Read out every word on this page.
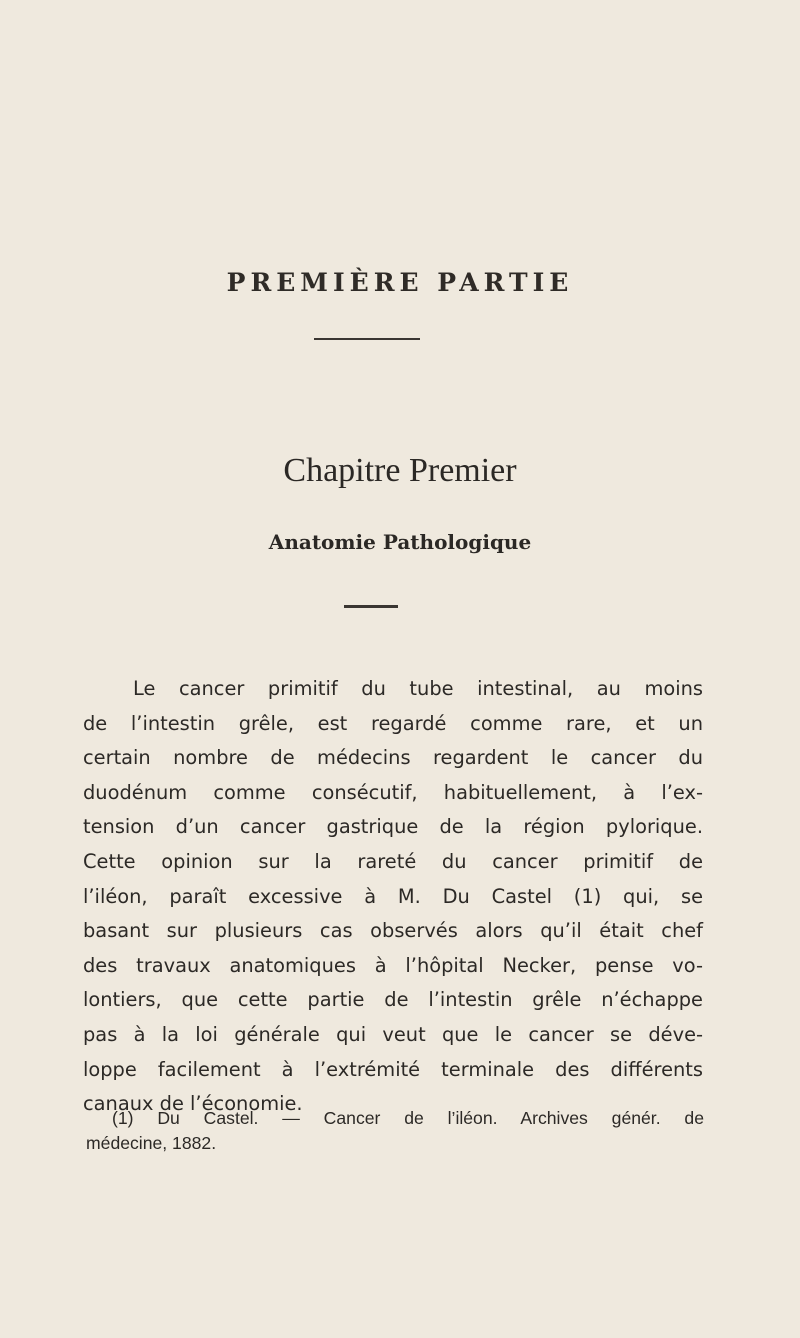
PREMIÈRE PARTIE
Chapitre Premier
Anatomie Pathologique
Le cancer primitif du tube intestinal, au moins
de l’intestin grêle, est regardé comme rare, et un
certain nombre de médecins regardent le cancer du
duodénum comme consécutif, habituellement, à l’ex-
tension d’un cancer gastrique de la région pylorique.
Cette opinion sur la rareté du cancer primitif de
l’iléon, paraît excessive à M. Du Castel (1) qui, se
basant sur plusieurs cas observés alors qu’il était chef
des travaux anatomiques à l’hôpital Necker, pense vo-
lontiers, que cette partie de l’intestin grêle n’échappe
pas à la loi générale qui veut que le cancer se déve-
loppe facilement à l’extrémité terminale des différents
canaux de l’économie.
(1) Du Castel. — Cancer de l’iléon. Archives génér. de
médecine, 1882.
